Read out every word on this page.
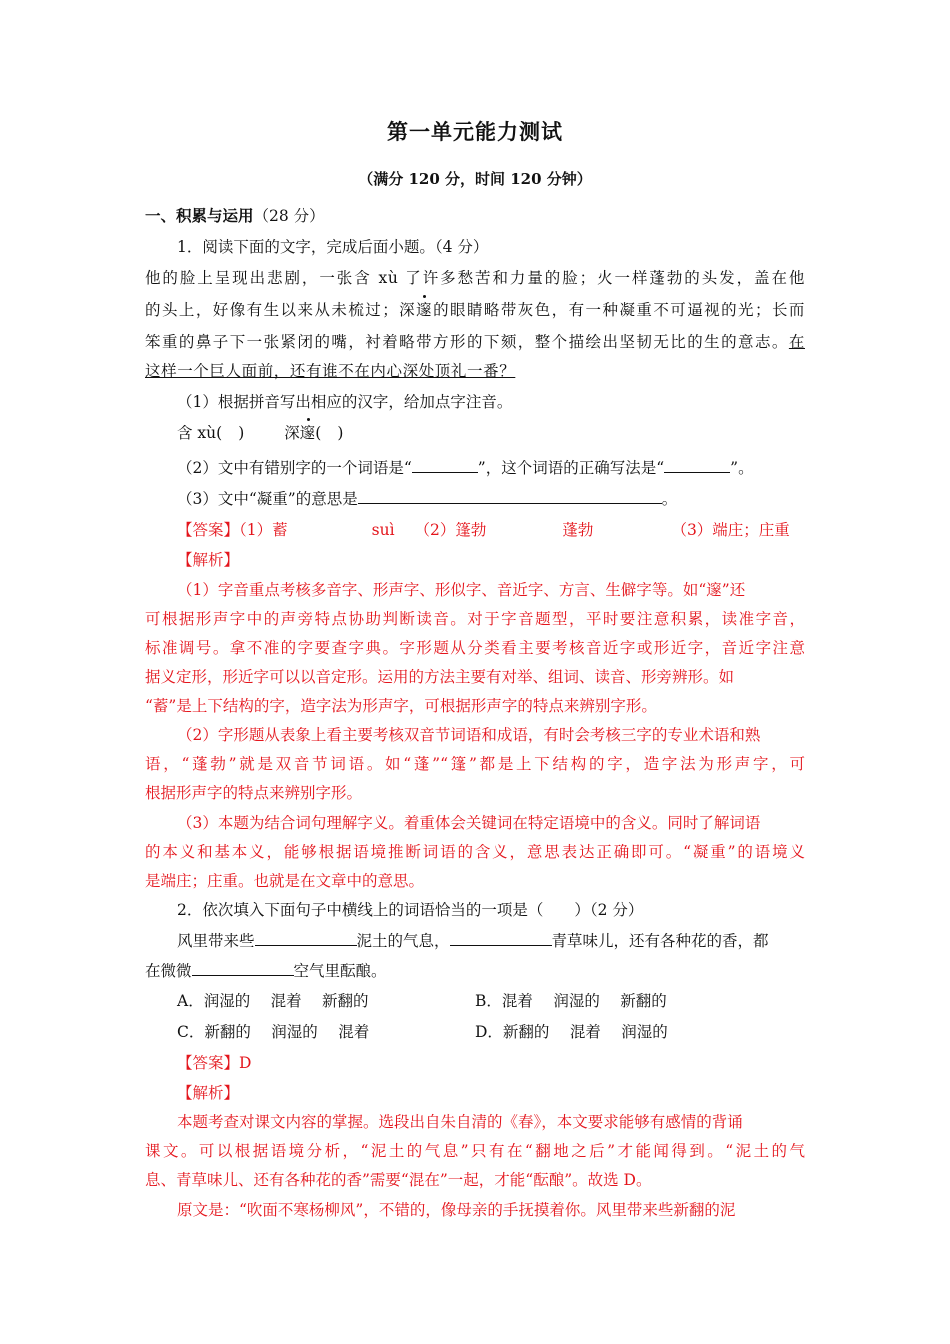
第一单元能力测试
（满分 120 分，时间 120 分钟）
一、积累与运用（28 分）
1．阅读下面的文字，完成后面小题。（4 分）
他的脸上呈现出悲剧，一张含 xù 了许多愁苦和力量的脸；火一样蓬勃的头发，盖在他
的头上，好像有生以来从未梳过；深邃的眼睛略带灰色，有一种凝重不可逼视的光；长而
笨重的鼻子下一张紧闭的嘴，衬着略带方形的下颏，整个描绘出坚韧无比的生的意志。在
这样一个巨人面前，还有谁不在内心深处顶礼一番？
（1）根据拼音写出相应的汉字，给加点字注音。
含 xù( )	深邃( )
（2）文中有错别字的一个词语是“	”，这个词语的正确写法是“	”。
（3）文中“凝重”的意思是	。
【答案】（1）蓄	suì （2）篷勃	蓬勃	（3）端庄；庄重
【解析】
（1）字音重点考核多音字、形声字、形似字、音近字、方言、生僻字等。如“邃”还
可根据形声字中的声旁特点协助判断读音。对于字音题型，平时要注意积累，读准字音，
标准调号。拿不准的字要查字典。字形题从分类看主要考核音近字或形近字，音近字注意
据义定形，形近字可以以音定形。运用的方法主要有对举、组词、读音、形旁辨形。如
“蓄”是上下结构的字，造字法为形声字，可根据形声字的特点来辨别字形。
（2）字形题从表象上看主要考核双音节词语和成语，有时会考核三字的专业术语和熟
语，“蓬勃”就是双音节词语。如“蓬”“篷”都是上下结构的字，造字法为形声字，可
根据形声字的特点来辨别字形。
（3）本题为结合词句理解字义。着重体会关键词在特定语境中的含义。同时了解词语
的本义和基本义，能够根据语境推断词语的含义，意思表达正确即可。“凝重”的语境义
是端庄；庄重。也就是在文章中的意思。
2．依次填入下面句子中横线上的词语恰当的一项是（　　）（2 分）
风里带来些	泥土的气息，	青草味儿，还有各种花的香，都
在微微	空气里酝酿。
A．润湿的　 混着　 新翻的	B．混着　 润湿的　 新翻的
C．新翻的　 润湿的　 混着	D．新翻的　 混着　 润湿的
【答案】D
【解析】
本题考查对课文内容的掌握。选段出自朱自清的《春》，本文要求能够有感情的背诵
课文。可以根据语境分析，“泥土的气息”只有在“翻地之后”才能闻得到。“泥土的气
息、青草味儿、还有各种花的香”需要“混在”一起，才能“酝酿”。故选 D。
原文是：“吹面不寒杨柳风”，不错的，像母亲的手抚摸着你。风里带来些新翻的泥
